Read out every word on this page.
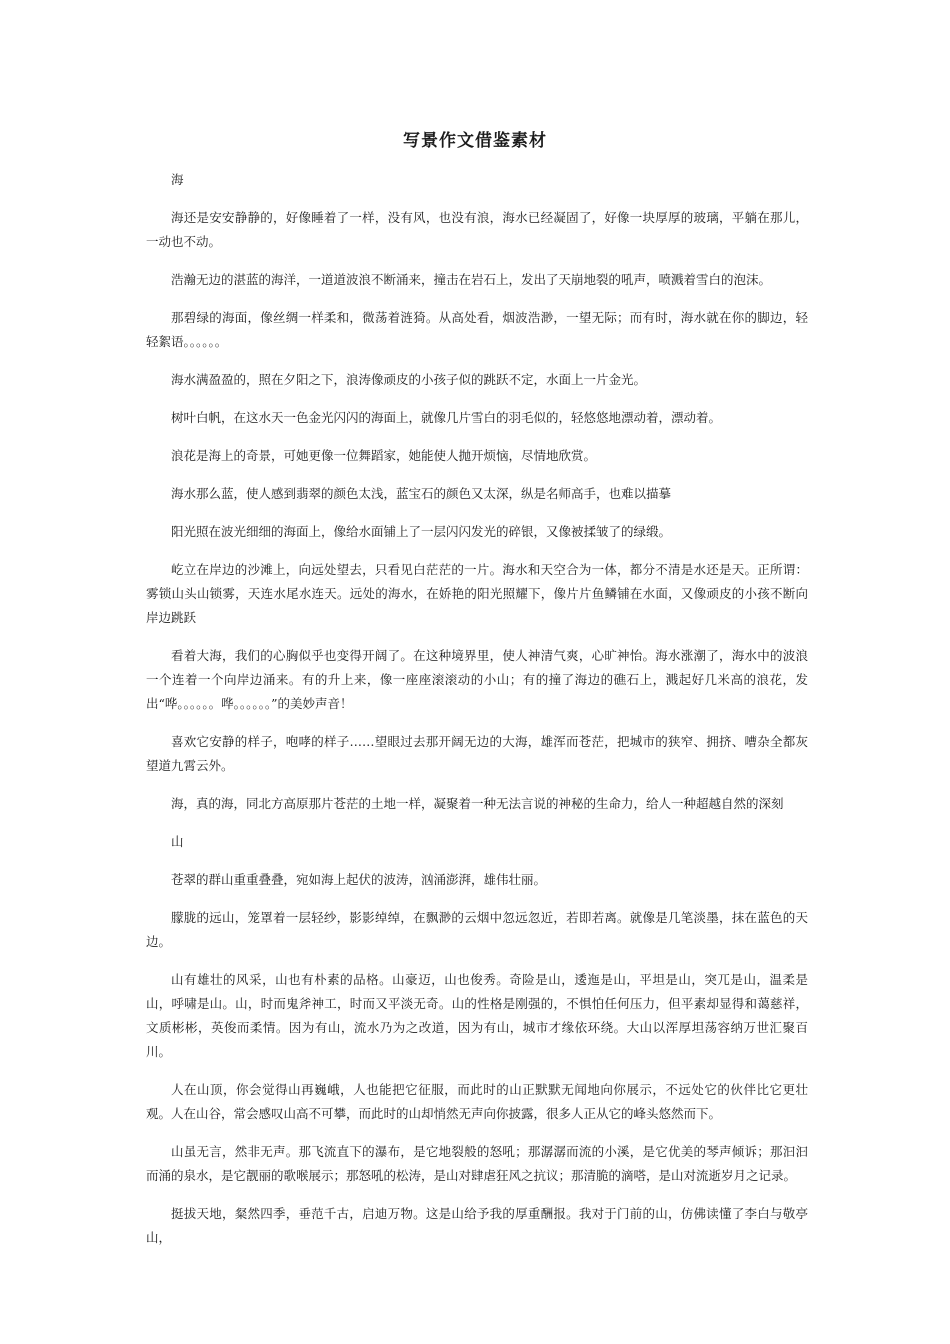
写景作文借鉴素材

海

海还是安安静静的，好像睡着了一样，没有风，也没有浪，海水已经凝固了，好像一块厚厚的玻璃，平躺在那儿，一动也不动。

浩瀚无边的湛蓝的海洋，一道道波浪不断涌来，撞击在岩石上，发出了天崩地裂的吼声，喷溅着雪白的泡沫。

那碧绿的海面，像丝绸一样柔和，微荡着涟猗。从高处看，烟波浩渺，一望无际；而有时，海水就在你的脚边，轻轻絮语。。。。。。

海水满盈盈的，照在夕阳之下，浪涛像顽皮的小孩子似的跳跃不定，水面上一片金光。

树叶白帆，在这水天一色金光闪闪的海面上，就像几片雪白的羽毛似的，轻悠悠地漂动着，漂动着。

浪花是海上的奇景，可她更像一位舞蹈家，她能使人抛开烦恼，尽情地欣赏。

海水那么蓝，使人感到翡翠的颜色太浅，蓝宝石的颜色又太深，纵是名师高手，也难以描摹

阳光照在波光细细的海面上，像给水面铺上了一层闪闪发光的碎银，又像被揉皱了的绿缎。

屹立在岸边的沙滩上，向远处望去，只看见白茫茫的一片。海水和天空合为一体，都分不清是水还是天。正所谓：雾锁山头山锁雾，天连水尾水连天。远处的海水，在娇艳的阳光照耀下，像片片鱼鳞铺在水面，又像顽皮的小孩不断向岸边跳跃

看着大海，我们的心胸似乎也变得开阔了。在这种境界里，使人神清气爽，心旷神怡。海水涨潮了，海水中的波浪一个连着一个向岸边涌来。有的升上来，像一座座滚滚动的小山；有的撞了海边的礁石上，溅起好几米高的浪花，发出“哗。。。。。。哗。。。。。。”的美妙声音！

喜欢它安静的样子，咆哮的样子……望眼过去那开阔无边的大海，雄浑而苍茫，把城市的狭窄、拥挤、嘈杂全都灰望道九霄云外。

海，真的海，同北方高原那片苍茫的土地一样，凝聚着一种无法言说的神秘的生命力，给人一种超越自然的深刻

山

苍翠的群山重重叠叠，宛如海上起伏的波涛，汹涌澎湃，雄伟壮丽。

朦胧的远山，笼罩着一层轻纱，影影绰绰，在飘渺的云烟中忽远忽近，若即若离。就像是几笔淡墨，抹在蓝色的天边。

山有雄壮的风采，山也有朴素的品格。山豪迈，山也俊秀。奇险是山，逶迤是山，平坦是山，突兀是山，温柔是山，呼啸是山。山，时而鬼斧神工，时而又平淡无奇。山的性格是刚强的，不惧怕任何压力，但平素却显得和蔼慈祥，文质彬彬，英俊而柔情。因为有山，流水乃为之改道，因为有山，城市才缘依环绕。大山以浑厚坦荡容纳万世汇聚百川。

人在山顶，你会觉得山再巍峨，人也能把它征服，而此时的山正默默无闻地向你展示，不远处它的伙伴比它更壮观。人在山谷，常会感叹山高不可攀，而此时的山却悄然无声向你披露，很多人正从它的峰头悠然而下。

山虽无言，然非无声。那飞流直下的瀑布，是它地裂般的怒吼；那潺潺而流的小溪，是它优美的琴声倾诉；那汩汩而涌的泉水，是它靓丽的歌喉展示；那怒吼的松涛，是山对肆虐狂风之抗议；那清脆的滴嗒，是山对流逝岁月之记录。

挺拔天地，粲然四季，垂范千古，启迪万物。这是山给予我的厚重酬报。我对于门前的山，仿佛读懂了李白与敬亭山，
